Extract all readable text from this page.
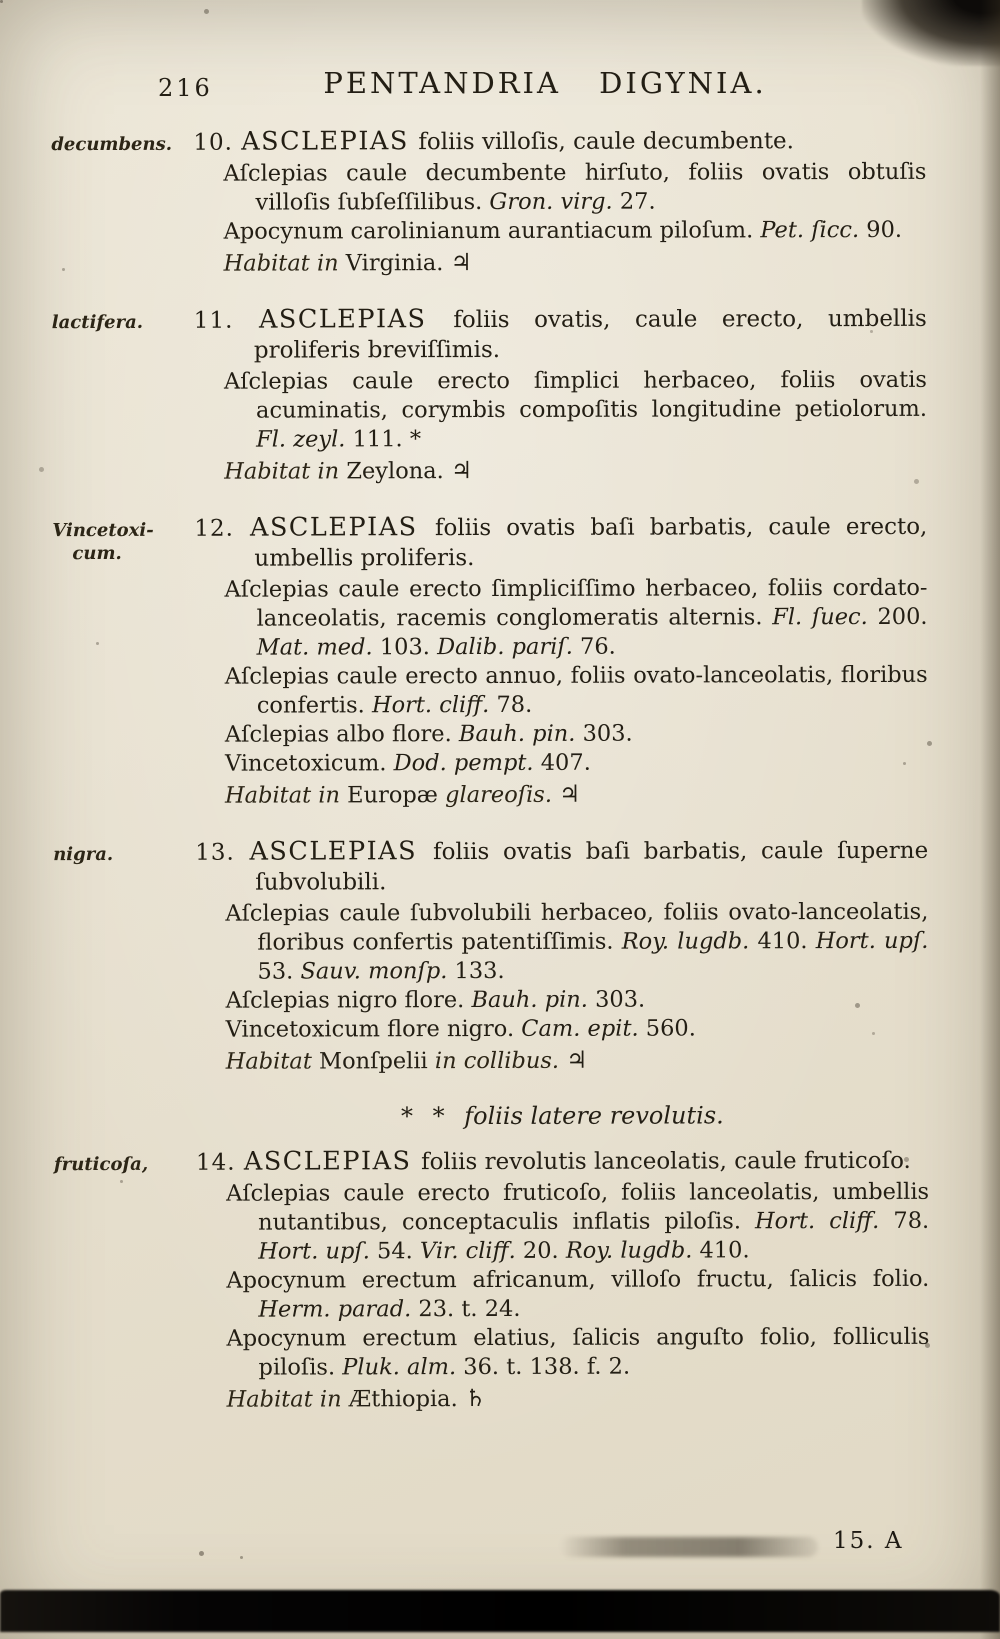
216	PENTANDRIA DIGYNIA.
decumbens. 10. ASCLEPIAS foliis villoſis, caule decumbente.
Aſclepias caule decumbente hirſuto, foliis ovatis obtuſis villoſis ſubſeſſilibus. Gron. virg. 27.
Apocynum carolinianum aurantiacum piloſum. Pet. ſicc. 90.
Habitat in Virginia. ♃
lactifera.	11. ASCLEPIAS foliis ovatis, caule erecto, umbellis proliferis breviſſimis.
Aſclepias caule erecto ſimplici herbaceo, foliis ovatis acuminatis, corymbis compoſitis longitudine petiolorum. Fl. zeyl. 111. *
Habitat in Zeylona. ♃
Vincetoxi-
cum.
12. ASCLEPIAS foliis ovatis baſi barbatis, caule erecto, umbellis proliferis.
Aſclepias caule erecto ſimpliciſſimo herbaceo, foliis cordato-lanceolatis, racemis conglomeratis alternis. Fl. ſuec. 200. Mat. med. 103. Dalib. pariſ. 76.
Aſclepias caule erecto annuo, foliis ovato-lanceolatis, floribus confertis. Hort. cliff. 78.
Aſclepias albo flore. Bauh. pin. 303.
Vincetoxicum. Dod. pempt. 407.
Habitat in Europæ glareoſis. ♃
nigra.	13. ASCLEPIAS foliis ovatis baſi barbatis, caule ſuperne ſubvolubili.
Aſclepias caule ſubvolubili herbaceo, foliis ovato-lanceolatis, floribus confertis patentiſſimis. Roy. lugdb. 410. Hort. upſ. 53. Sauv. monſp. 133.
Aſclepias nigro flore. Bauh. pin. 303.
Vincetoxicum flore nigro. Cam. epit. 560.
Habitat Monſpelii in collibus. ♃
* * foliis latere revolutis.
fruticoſa,	14. ASCLEPIAS foliis revolutis lanceolatis, caule fruticoſo.
Aſclepias caule erecto fruticoſo, foliis lanceolatis, umbellis nutantibus, conceptaculis inflatis piloſis. Hort. cliff. 78. Hort. upſ. 54. Vir. cliff. 20. Roy. lugdb. 410.
Apocynum erectum africanum, villoſo fructu, ſalicis folio. Herm. parad. 23. t. 24.
Apocynum erectum elatius, ſalicis anguſto folio, folliculis piloſis. Pluk. alm. 36. t. 138. f. 2.
Habitat in Æthiopia. ♄
15. A
